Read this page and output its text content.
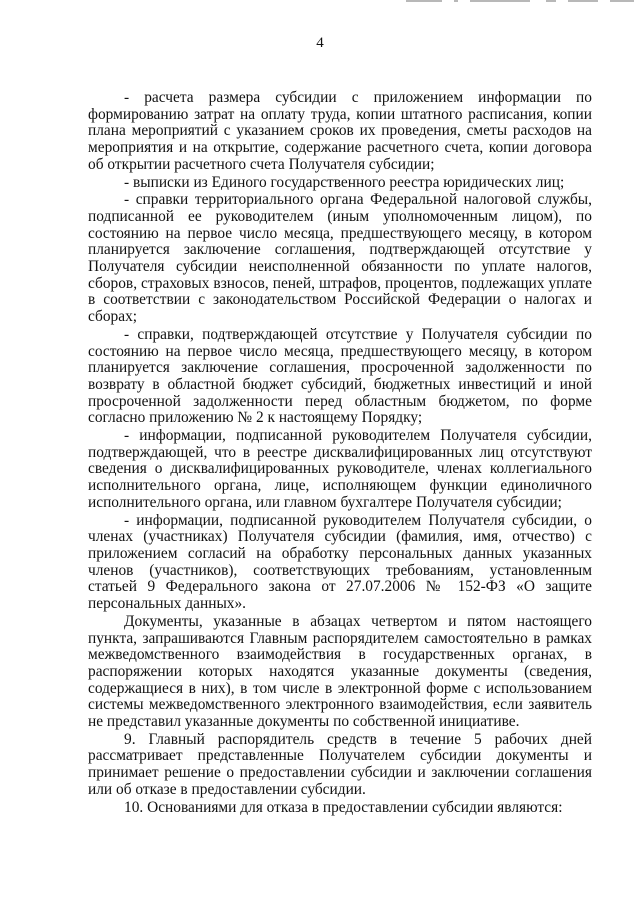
4

- расчета размера субсидии с приложением информации по формированию затрат на оплату труда, копии штатного расписания, копии плана мероприятий с указанием сроков их проведения, сметы расходов на мероприятия и на открытие, содержание расчетного счета, копии договора об открытии расчетного счета Получателя субсидии;

- выписки из Единого государственного реестра юридических лиц;

- справки территориального органа Федеральной налоговой службы, подписанной ее руководителем (иным уполномоченным лицом), по состоянию на первое число месяца, предшествующего месяцу, в котором планируется заключение соглашения, подтверждающей отсутствие у Получателя субсидии неисполненной обязанности по уплате налогов, сборов, страховых взносов, пеней, штрафов, процентов, подлежащих уплате в соответствии с законодательством Российской Федерации о налогах и сборах;

- справки, подтверждающей отсутствие у Получателя субсидии по состоянию на первое число месяца, предшествующего месяцу, в котором планируется заключение соглашения, просроченной задолженности по возврату в областной бюджет субсидий, бюджетных инвестиций и иной просроченной задолженности перед областным бюджетом, по форме согласно приложению № 2 к настоящему Порядку;

- информации, подписанной руководителем Получателя субсидии, подтверждающей, что в реестре дисквалифицированных лиц отсутствуют сведения о дисквалифицированных руководителе, членах коллегиального исполнительного органа, лице, исполняющем функции единоличного исполнительного органа, или главном бухгалтере Получателя субсидии;

- информации, подписанной руководителем Получателя субсидии, о членах (участниках) Получателя субсидии (фамилия, имя, отчество) с приложением согласий на обработку персональных данных указанных членов (участников), соответствующих требованиям, установленным статьей 9 Федерального закона от 27.07.2006 № 152-ФЗ «О защите персональных данных».

Документы, указанные в абзацах четвертом и пятом настоящего пункта, запрашиваются Главным распорядителем самостоятельно в рамках межведомственного взаимодействия в государственных органах, в распоряжении которых находятся указанные документы (сведения, содержащиеся в них), в том числе в электронной форме с использованием системы межведомственного электронного взаимодействия, если заявитель не представил указанные документы по собственной инициативе.

9. Главный распорядитель средств в течение 5 рабочих дней рассматривает представленные Получателем субсидии документы и принимает решение о предоставлении субсидии и заключении соглашения или об отказе в предоставлении субсидии.

10. Основаниями для отказа в предоставлении субсидии являются:
